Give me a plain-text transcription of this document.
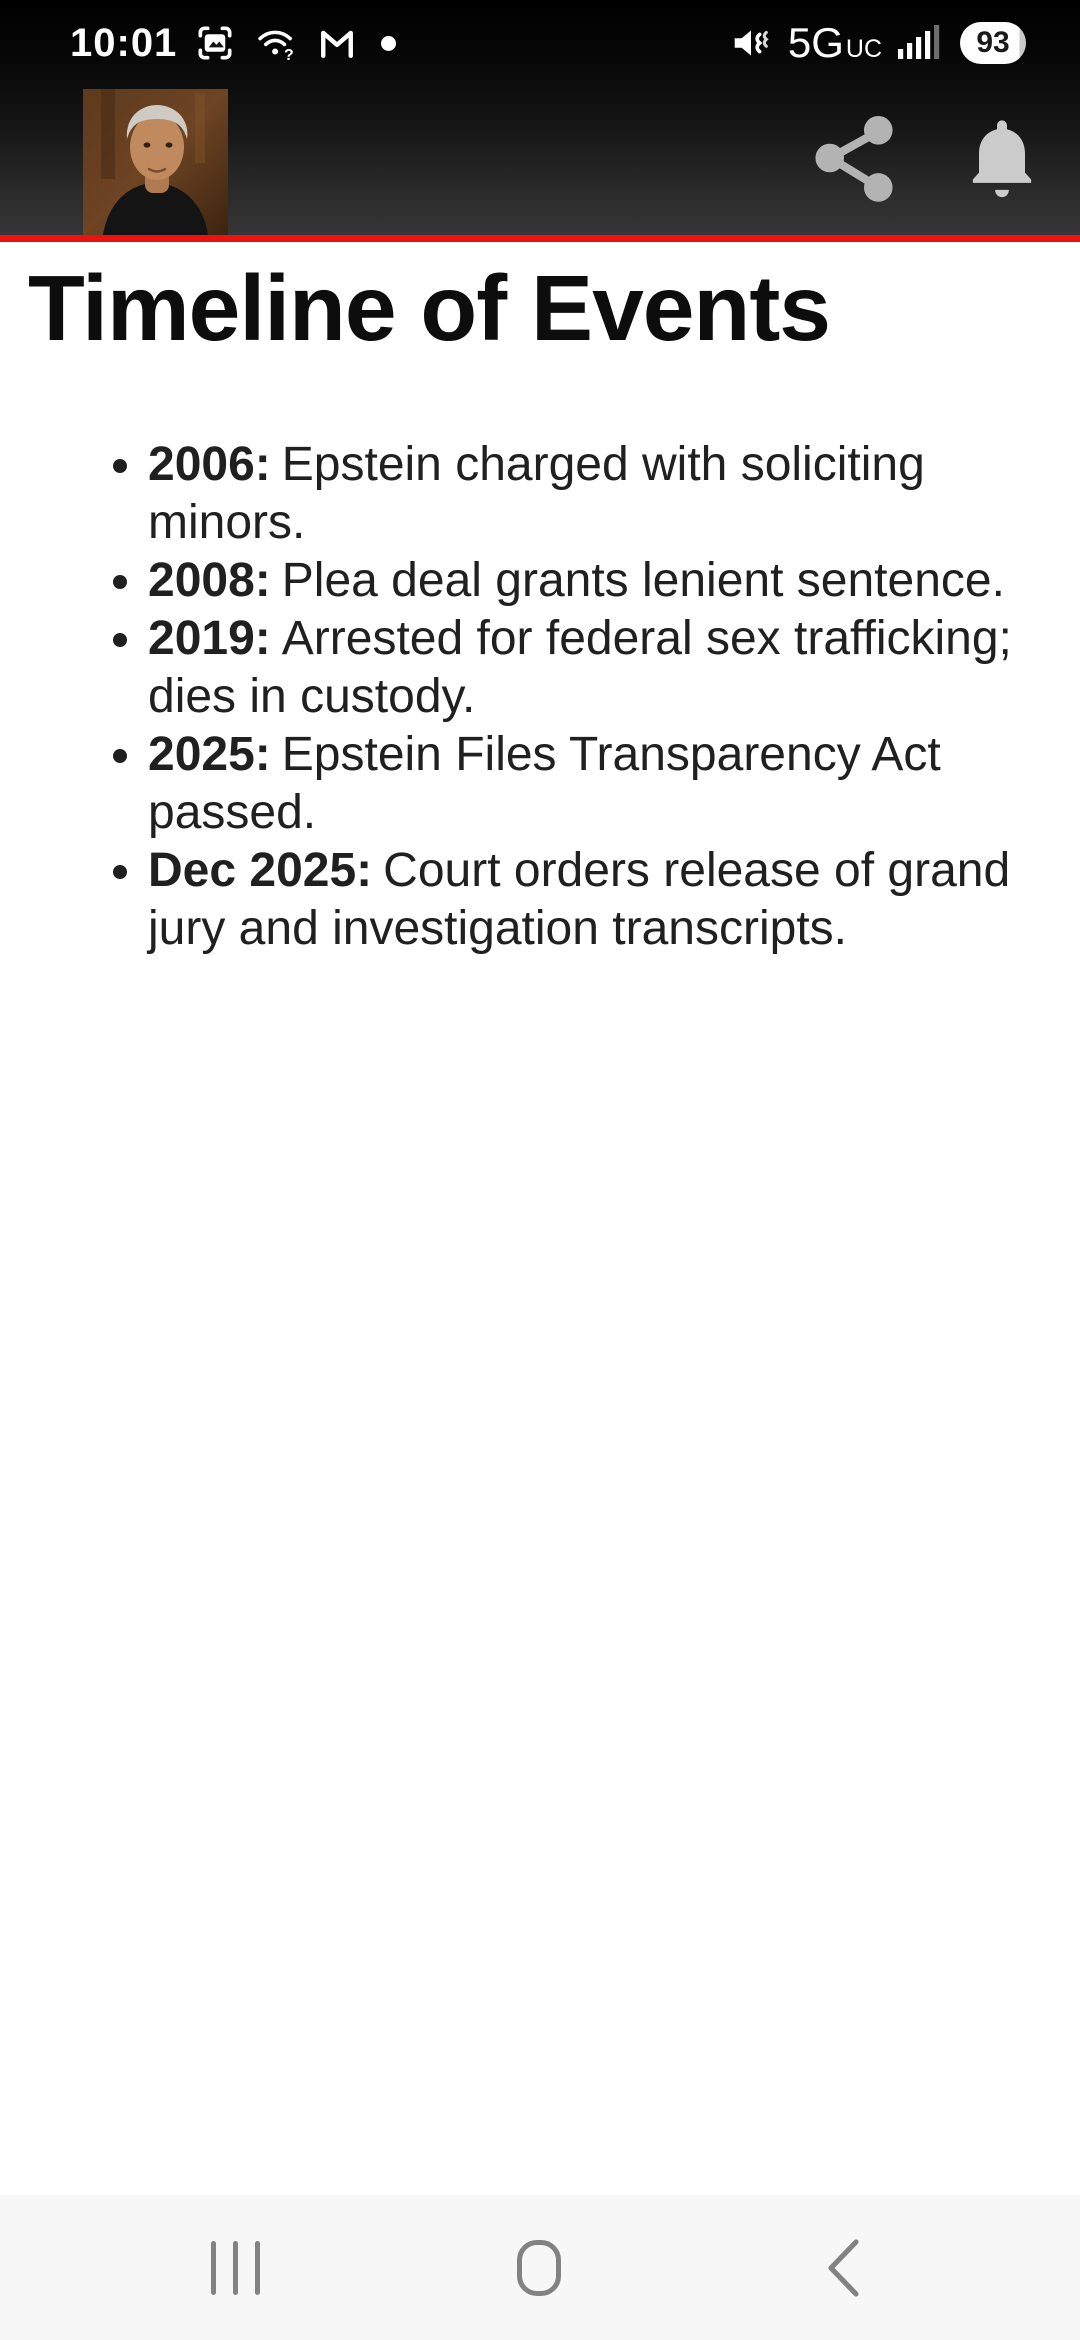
10:01	?	5G UC	93
Timeline of Events
• 2006: Epstein charged with soliciting minors.
• 2008: Plea deal grants lenient sentence.
• 2019: Arrested for federal sex trafficking; dies in custody.
• 2025: Epstein Files Transparency Act passed.
• Dec 2025: Court orders release of grand jury and investigation transcripts.
